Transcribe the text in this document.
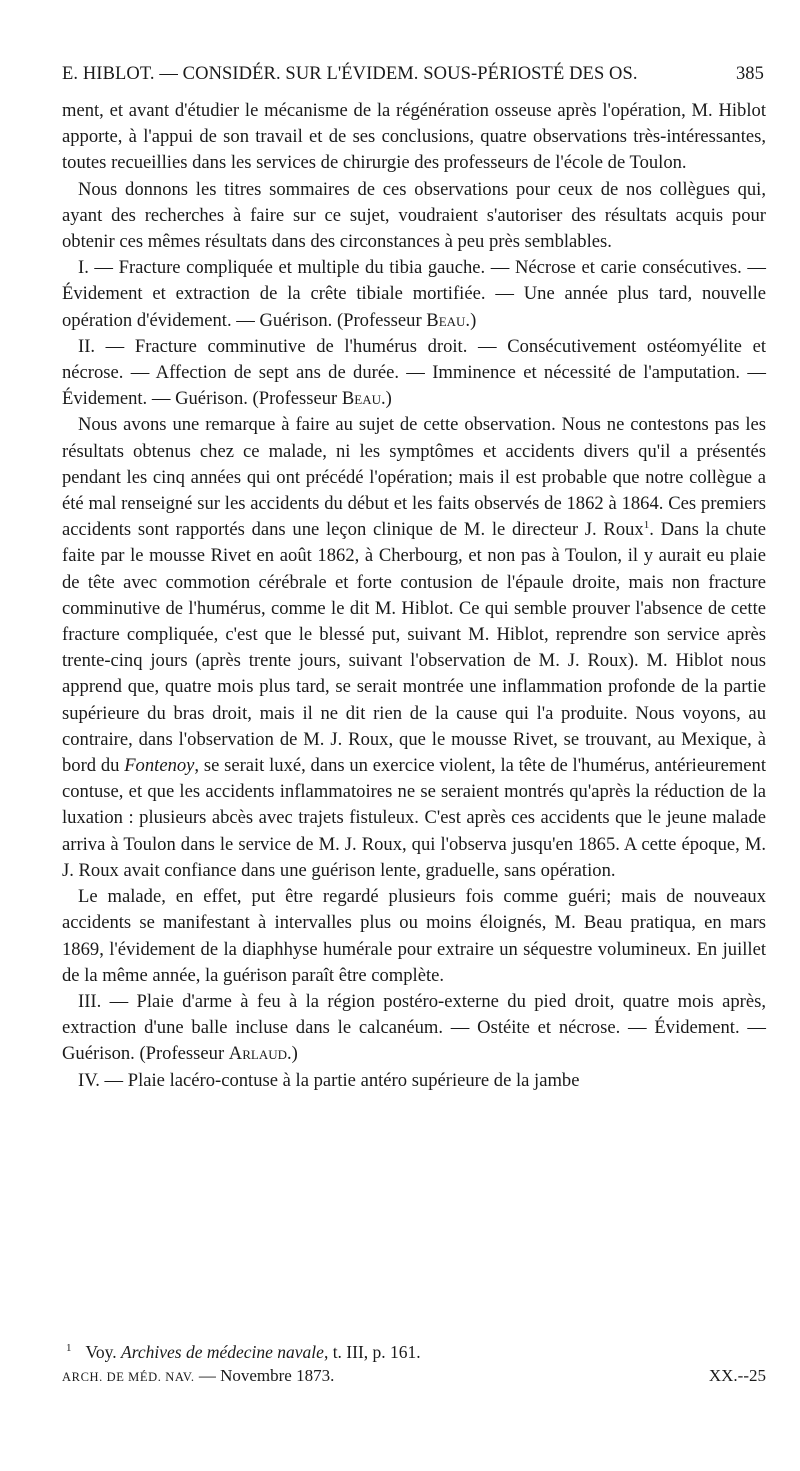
E. HIBLOT. — CONSIDÉR. SUR L'ÉVIDEM. SOUS-PÉRIOSTÉ DES OS.	385

ment, et avant d'étudier le mécanisme de la régénération osseuse après l'opération, M. Hiblot apporte, à l'appui de son travail et de ses conclusions, quatre observations très-intéressantes, toutes recueillies dans les services de chirurgie des professeurs de l'école de Toulon.

Nous donnons les titres sommaires de ces observations pour ceux de nos collègues qui, ayant des recherches à faire sur ce sujet, voudraient s'autoriser des résultats acquis pour obtenir ces mêmes résultats dans des circonstances à peu près semblables.

I. — Fracture compliquée et multiple du tibia gauche. — Nécrose et carie consécutives. — Évidement et extraction de la crête tibiale mortifiée. — Une année plus tard, nouvelle opération d'évidement. — Guérison. (Professeur Beau.)

II. — Fracture comminutive de l'humérus droit. — Consécutivement ostéomyélite et nécrose. — Affection de sept ans de durée. — Imminence et nécessité de l'amputation. — Évidement. — Guérison. (Professeur Beau.)

Nous avons une remarque à faire au sujet de cette observation. Nous ne contestons pas les résultats obtenus chez ce malade, ni les symptômes et accidents divers qu'il a présentés pendant les cinq années qui ont précédé l'opération; mais il est probable que notre collègue a été mal renseigné sur les accidents du début et les faits observés de 1862 à 1864. Ces premiers accidents sont rapportés dans une leçon clinique de M. le directeur J. Roux$^1$. Dans la chute faite par le mousse Rivet en août 1862, à Cherbourg, et non pas à Toulon, il y aurait eu plaie de tête avec commotion cérébrale et forte contusion de l'épaule droite, mais non fracture comminutive de l'humérus, comme le dit M. Hiblot. Ce qui semble prouver l'absence de cette fracture compliquée, c'est que le blessé put, suivant M. Hiblot, reprendre son service après trente-cinq jours (après trente jours, suivant l'observation de M. J. Roux). M. Hiblot nous apprend que, quatre mois plus tard, se serait montrée une inflammation profonde de la partie supérieure du bras droit, mais il ne dit rien de la cause qui l'a produite. Nous voyons, au contraire, dans l'observation de M. J. Roux, que le mousse Rivet, se trouvant, au Mexique, à bord du Fontenoy, se serait luxé, dans un exercice violent, la tête de l'humérus, antérieurement contuse, et que les accidents inflammatoires ne se seraient montrés qu'après la réduction de la luxation : plusieurs abcès avec trajets fistuleux. C'est après ces accidents que le jeune malade arriva à Toulon dans le service de M. J. Roux, qui l'observa jusqu'en 1865. A cette époque, M. J. Roux avait confiance dans une guérison lente, graduelle, sans opération.

Le malade, en effet, put être regardé plusieurs fois comme guéri; mais de nouveaux accidents se manifestant à intervalles plus ou moins éloignés, M. Beau pratiqua, en mars 1869, l'évidement de la diaphhyse humérale pour extraire un séquestre volumineux. En juillet de la même année, la guérison paraît être complète.

III. — Plaie d'arme à feu à la région postéro-externe du pied droit, quatre mois après, extraction d'une balle incluse dans le calcanéum. — Ostéite et nécrose. — Évidement. — Guérison. (Professeur Arlaud.)

IV. — Plaie lacéro-contuse à la partie antéro supérieure de la jambe

$^1$ Voy. Archives de médecine navale, t. III, p. 161.

ARCH. DE MÉD. NAV. — Novembre 1873.	XX.--25
